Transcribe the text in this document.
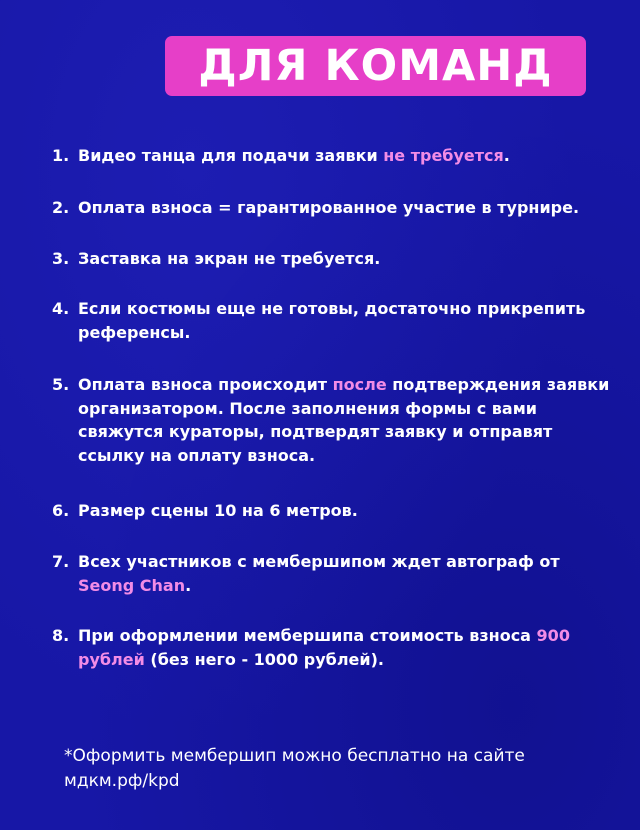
ДЛЯ КОМАНД
1. Видео танца для подачи заявки не требуется.
2. Оплата взноса = гарантированное участие в турнире.
3. Заставка на экран не требуется.
4. Если костюмы еще не готовы, достаточно прикрепить референсы.
5. Оплата взноса происходит после подтверждения заявки организатором. После заполнения формы с вами свяжутся кураторы, подтвердят заявку и отправят ссылку на оплату взноса.
6. Размер сцены 10 на 6 метров.
7. Всех участников с мембершипом ждет автограф от Seong Chan.
8. При оформлении мембершипа стоимость взноса 900 рублей (без него - 1000 рублей).
*Оформить мембершип можно бесплатно на сайте
мдкм.рф/kpd
